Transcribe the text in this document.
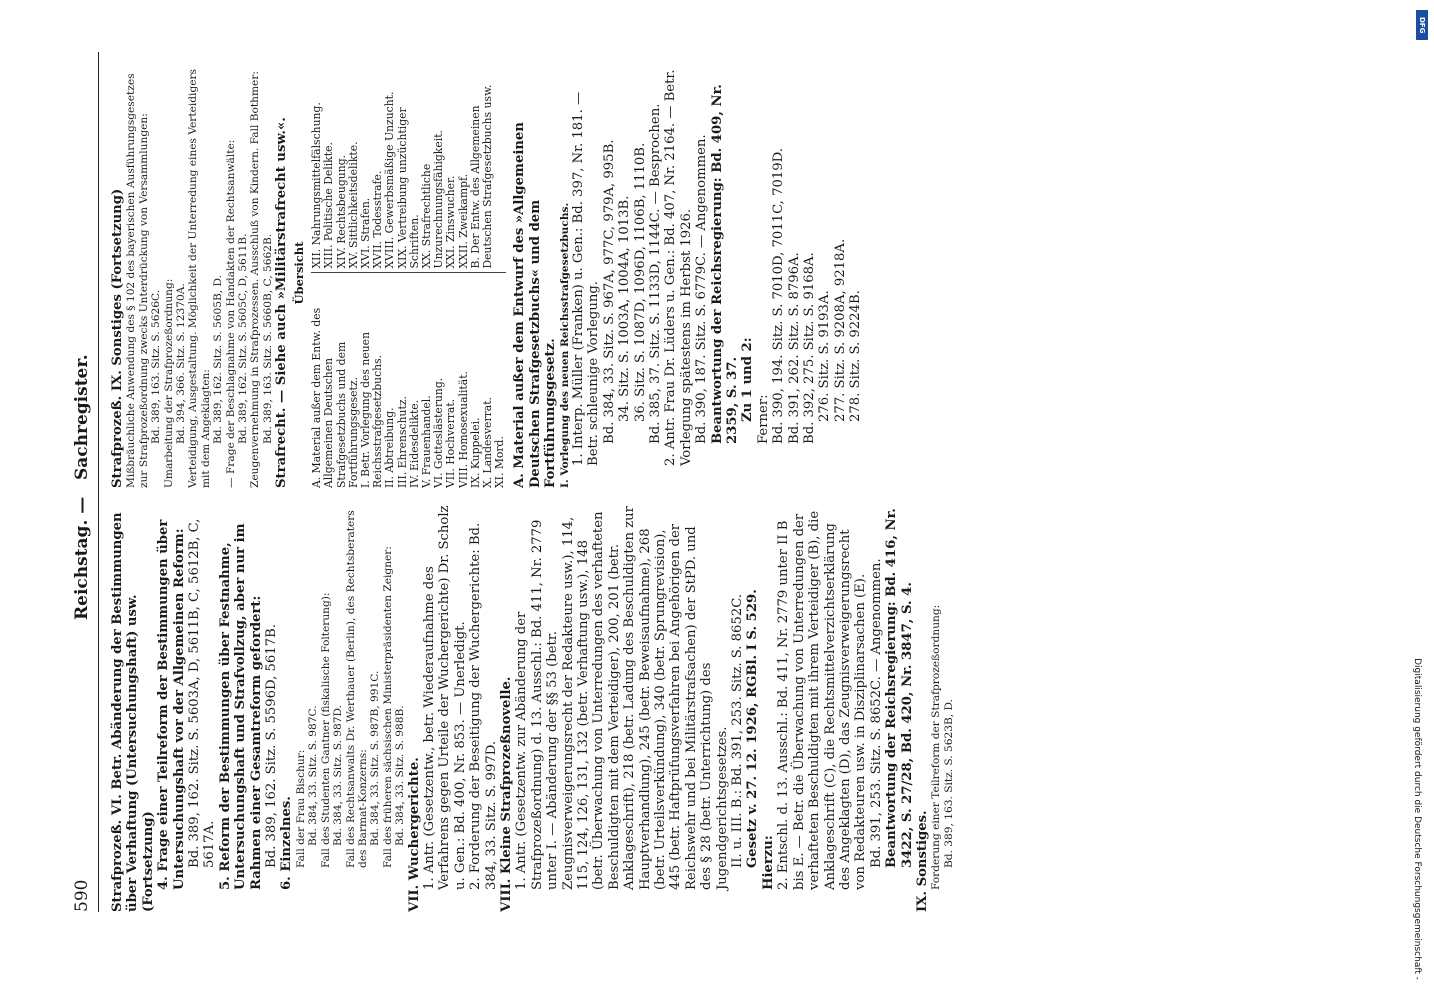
590
Reichstag. —
Sachregister.

Strafprozeß. VI. Betr. Abänderung der Bestimmungen über Verhaftung (Untersuchungshaft) usw. (Fortsetzung) 4. Frage einer Teilreform der Bestimmungen über Untersuchungshaft vor der Allgemeinen Reform: Bd. 389, 162. Sitz. S. 5603A, D, 5611B, C, 5612B, C, 5617A. 5. Reform der Bestimmungen über Festnahme, Untersuchungshaft und Strafvollzug, aber nur im Rahmen einer Gesamtreform gefordert: Bd. 389, 162. Sitz. S. 5596D, 5617B. 6. Einzelnes. Fall der Frau Bischur: Bd. 384, 33. Sitz. S. 987C. Fall des Studenten Gantner (fiskalische Folterung): Bd. 384, 33. Sitz. S. 987D. Fall des Rechtsanwalts Dr. Werthauer (Berlin), des Rechtsberaters des Barmat-Konzerns: Bd. 384, 33. Sitz. S. 987B, 991C. Fall des früheren sächsischen Ministerpräsidenten Zeigner: Bd. 384, 33. Sitz. S. 988B. VII. Wuchergerichte. 1. Antr. (Gesetzentw., betr. Wiederaufnahme des Verfahrens gegen Urteile der Wuchergerichte) Dr. Scholz u. Gen.: Bd. 400, Nr. 853. — Unerledigt. 2. Forderung der Beseitigung der Wuchergerichte: Bd. 384, 33. Sitz. S. 997D. VIII. Kleine Strafprozeßnovelle. 1. Antr. (Gesetzentw. zur Abänderung der Strafprozeßordnung) d. 13. Ausschl.: Bd. 411, Nr. 2779 unter I. — Abänderung der §§ 53 (betr. Zeugnisverweigerungsrecht der Redakteure usw.), 114, 115, 124, 126, 131, 132 (betr. Verhaftung usw.), 148 (betr. Überwachung von Unterredungen des verhafteten Beschuldigten mit dem Verteidiger), 200, 201 (betr. Anklageschrift), 218 (betr. Ladung des Beschuldigten zur Hauptverhandlung), 245 (betr. Beweisaufnahme), 268 (betr. Urteilsverkündung), 340 (betr. Sprungrevision), 445 (betr. Haftprüfungsverfahren bei Angehörigen der Reichswehr und bei Militärstrafsachen) der StPD. und des § 28 (betr. Unterrichtung) des Jugendgerichtsgesetzes. II. u. III. B.: Bd. 391, 253. Sitz. S. 8652C. Gesetz v. 27. 12. 1926, RGBl. I S. 529. Hierzu: 2. Entschl. d. 13. Ausschl.: Bd. 411, Nr. 2779 unter II B bis E. — Betr. die Überwachung von Unterredungen der verhafteten Beschuldigten mit ihrem Verteidiger (B), die Anklageschrift (C), die Rechtsmittelverzichtserklärung des Angeklagten (D), das Zeugnisverweigerungsrecht von Redakteuren usw. in Disziplinarsachen (E). Bd. 391, 253. Sitz. S. 8652C. — Angenommen. Beantwortung der Reichsregierung: Bd. 416, Nr. 3422, S. 27/28, Bd. 420, Nr. 3847, S. 4. IX. Sonstiges. Forderung einer Teilreform der Strafprozeßordnung: Bd. 389, 163. Sitz. S. 5623B, D.

Strafprozeß. IX. Sonstiges (Fortsetzung) Mißbräuchliche Anwendung des § 102 des bayerischen Ausführungsgesetzes zur Strafprozeßordnung zwecks Unterdrückung von Versammlungen: Bd. 389, 163. Sitz. S. 5626C. Umarbeitung der Strafprozeßordnung: Bd. 394, 366. Sitz. S. 12370A. Verteidigung, Ausgestaltung. Möglichkeit der Unterredung eines Verteidigers mit dem Angeklagten: Bd. 389, 162. Sitz. S. 5605B, D. — Frage der Beschlagnahme von Handakten der Rechtsanwälte: Bd. 389, 162. Sitz. S. 5605C, D, 5611B. Zeugenvernehmung in Strafprozessen. Ausschluß von Kindern. Fall Bothmer: Bd. 389, 163. Sitz. S. 5660B, C, 5662B. Strafrecht. — Siehe auch »Militärstrafrecht usw.«. Übersicht

A. Material außer dem Entw. des Allgemeinen Deutschen Strafgesetzbuchs und dem Fortführungsgesetz. I. Betr. Vorlegung des neuen Reichsstrafgesetzbuchs. II. Abtreibung. III. Ehrenschutz. IV. Eidesdelikte. V. Frauenhandel. VI. Gotteslästerung. VII. Hochverrat. VIII. Homosexualität. IX. Kuppelei. X. Landesverrat. XI. Mord.

XII. Nahrungsmittelfälschung. XIII. Politische Delikte. XIV. Rechtsbeugung. XV. Sittlichkeitsdelikte. XVI. Strafen. XVII. Todesstrafe. XVIII. Gewerbsmäßige Unzucht. XIX. Vertreibung unzüchtiger Schriften. XX. Strafrechtliche Unzurechnungsfähigkeit. XXI. Zinswucher. XXII. Zweikampf. B. Der Entw. des Allgemeinen Deutschen Strafgesetzbuchs usw. A. Material außer dem Entwurf des »Allgemeinen Deutschen Strafgesetzbuchs« und dem Fortführungsgesetz. I. Vorlegung des neuen Reichsstrafgesetzbuchs. 1. Interp. Müller (Franken) u. Gen.: Bd. 397, Nr. 181. — Betr. schleunige Vorlegung. Bd. 384, 33. Sitz. S. 967A, 977C, 979A, 995B. 34. Sitz. S. 1003A, 1004A, 1013B. 36. Sitz. S. 1087D, 1096D, 1106B, 1110B. Bd. 385, 37. Sitz. S. 1133D, 1144C. — Besprochen. 2. Antr. Frau Dr. Lüders u. Gen.: Bd. 407, Nr. 2164. — Betr. Vorlegung spätestens im Herbst 1926. Bd. 390, 187. Sitz. S. 6779C. — Angenommen. Beantwortung der Reichsregierung: Bd. 409, Nr. 2359, S. 37. Zu 1 und 2: Ferner: Bd. 390, 194. Sitz. S. 7010D, 7011C, 7019D. Bd. 391, 262. Sitz. S. 8796A. Bd. 392, 275. Sitz. S. 9168A. 276. Sitz. S. 9193A. 277. Sitz. S. 9208A, 9218A. 278. Sitz. S. 9224B.

DFG
Digitalisierung gefördert durch die Deutsche Forschungsgemeinschaft -
